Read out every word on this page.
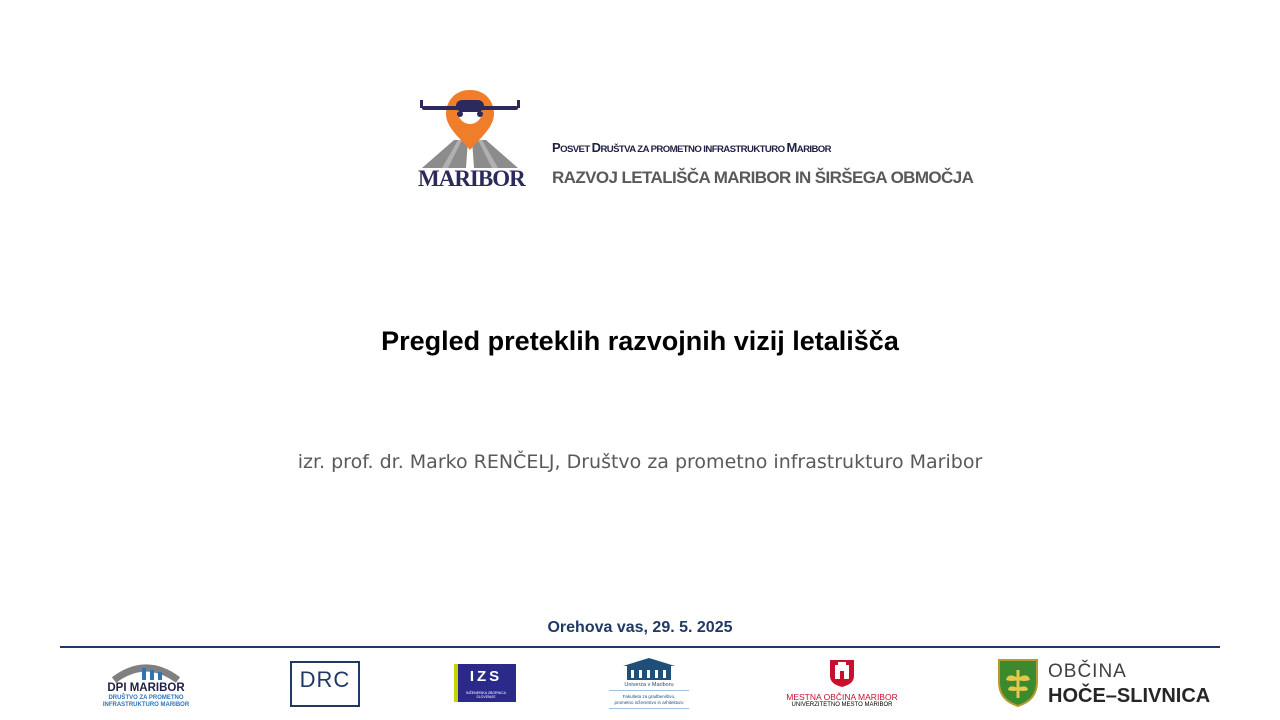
MARIBOR
POSVET DRUŠTVA ZA PROMETNO INFRASTRUKTURO MARIBOR
RAZVOJ LETALIŠČA MARIBOR IN ŠIRŠEGA OBMOČJA
Pregled preteklih razvojnih vizij letališča
izr. prof. dr. Marko RENČELJ, Društvo za prometno infrastrukturo Maribor
Orehova vas, 29. 5. 2025
DPI MARIBOR
DRUŠTVO ZA PROMETNO
INFRASTRUKTURO MARIBOR
DRC	IZS
INŽENIRSKA ZBORNICA SLOVENIJE
Univerza v Mariboru
Fakulteta za gradbeništvo,
prometno inženirstvo in arhitekturo
MESTNA OBČINA MARIBOR
UNIVERZITETNO MESTO MARIBOR
OBČINA
HOČE–SLIVNICA
